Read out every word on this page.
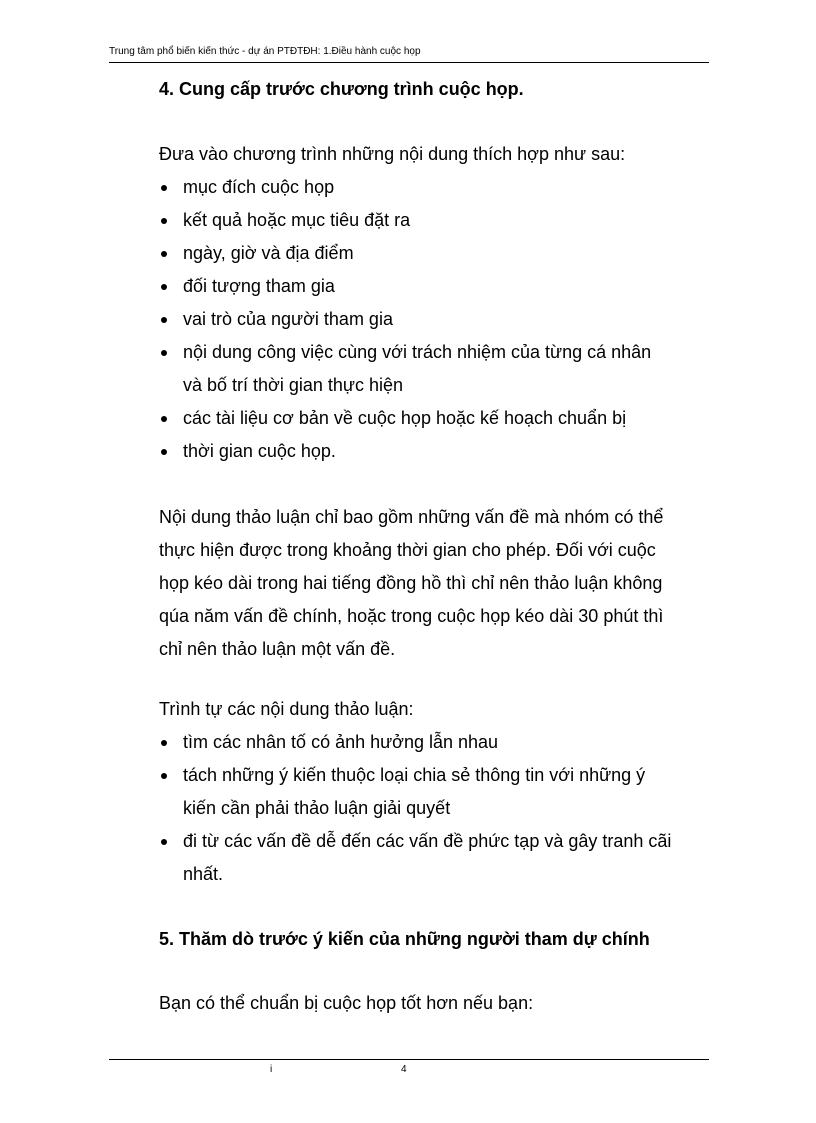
Trung tâm phổ biến kiến thức - dự án PTĐTĐH: 1.Điều hành cuộc họp
4. Cung cấp trước chương trình cuộc họp.
Đưa vào chương trình những nội dung thích hợp như sau:
mục đích cuộc họp
kết quả hoặc mục tiêu đặt ra
ngày, giờ và địa điểm
đối tượng tham gia
vai trò của người tham gia
nội dung công việc cùng với trách nhiệm của từng cá nhân
và bố trí thời gian thực hiện
các tài liệu cơ bản về cuộc họp hoặc kế hoạch chuẩn bị
thời gian cuộc họp.
Nội dung thảo luận chỉ bao gồm những vấn đề mà nhóm có thể
thực hiện được trong khoảng thời gian cho phép. Đối với cuộc
họp kéo dài trong hai tiếng đồng hồ thì chỉ nên thảo luận không
qúa năm vấn đề chính, hoặc trong cuộc họp kéo dài 30 phút thì
chỉ nên thảo luận một vấn đề.
Trình tự các nội dung thảo luận:
tìm các nhân tố có ảnh hưởng lẫn nhau
tách những ý kiến thuộc loại chia sẻ thông tin với những ý
kiến cần phải thảo luận giải quyết
đi từ các vấn đề dễ đến các vấn đề phức tạp và gây tranh cãi
nhất.
5. Thăm dò trước ý kiến của những người tham dự chính
Bạn có thể chuẩn bị cuộc họp tốt hơn nếu bạn:
i	4
